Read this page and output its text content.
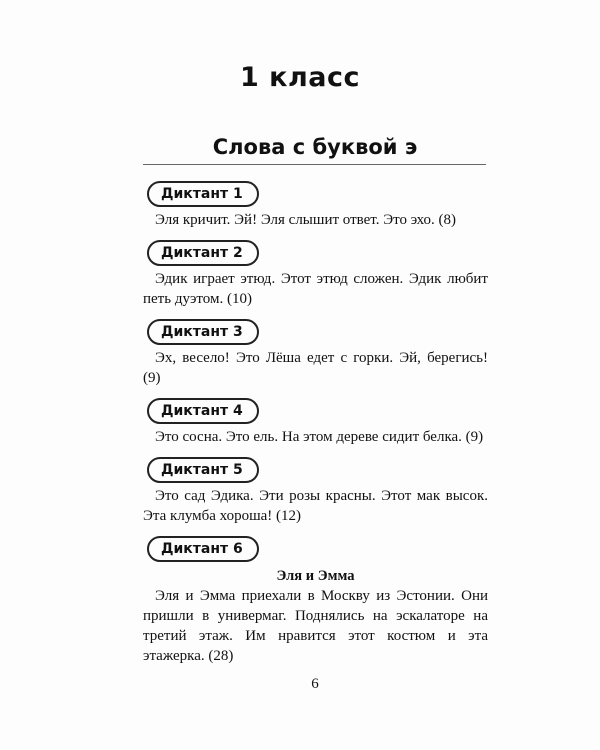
1 класс
Слова с буквой э
Диктант 1
Эля кричит. Эй! Эля слышит ответ. Это эхо. (8)
Диктант 2
Эдик играет этюд. Этот этюд сложен. Эдик любит петь дуэтом. (10)
Диктант 3
Эх, весело! Это Лёша едет с горки. Эй, берегись! (9)
Диктант 4
Это сосна. Это ель. На этом дереве сидит белка. (9)
Диктант 5
Это сад Эдика. Эти розы красны. Этот мак высок. Эта клумба хороша! (12)
Диктант 6
Эля и Эмма
Эля и Эмма приехали в Москву из Эстонии. Они пришли в универмаг. Поднялись на эскалаторе на третий этаж. Им нравится этот костюм и эта этажерка. (28)
6
